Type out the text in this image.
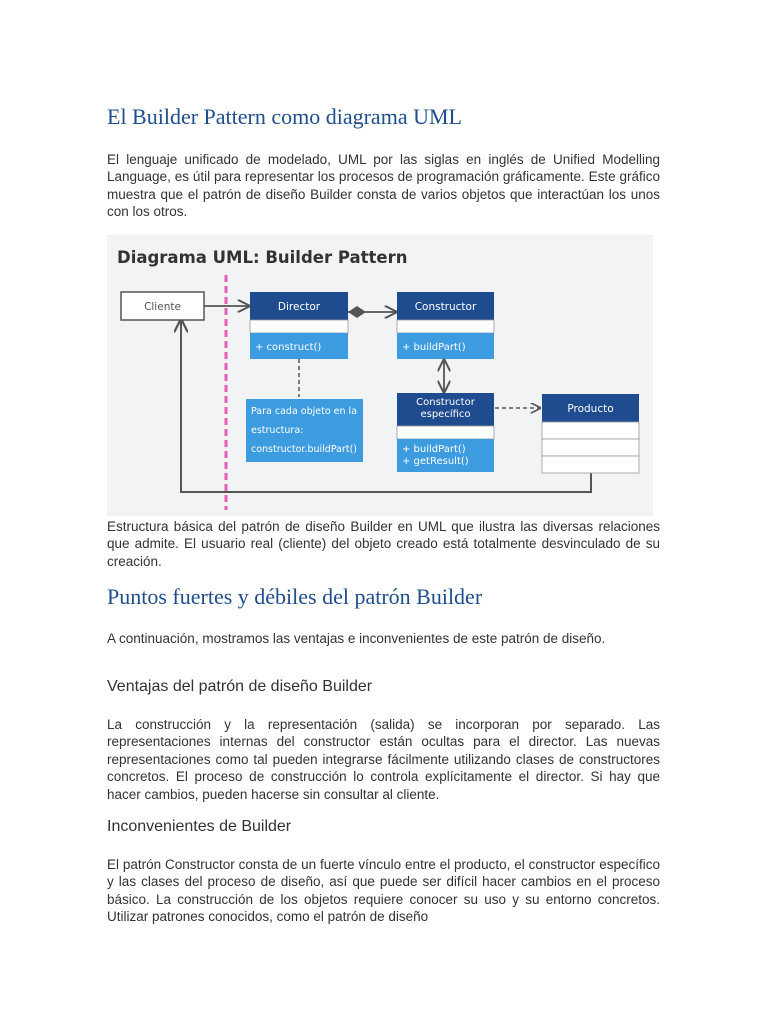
El Builder Pattern como diagrama UML

El lenguaje unificado de modelado, UML por las siglas en inglés de Unified Modelling Language, es útil para representar los procesos de programación gráficamente. Este gráfico muestra que el patrón de diseño Builder consta de varios objetos que interactúan los unos con los otros.

Cliente	Director
+ construct()
Constructor
+ buildPart()
Para cada objeto en la
estructura:
constructor.buildPart()
Constructor
específico
+ buildPart()
+ getResult()
Producto
Diagrama UML: Builder Pattern

Estructura básica del patrón de diseño Builder en UML que ilustra las diversas relaciones que admite. El usuario real (cliente) del objeto creado está totalmente desvinculado de su creación.

Puntos fuertes y débiles del patrón Builder

A continuación, mostramos las ventajas e inconvenientes de este patrón de diseño.

Ventajas del patrón de diseño Builder

La construcción y la representación (salida) se incorporan por separado. Las representaciones internas del constructor están ocultas para el director. Las nuevas representaciones como tal pueden integrarse fácilmente utilizando clases de constructores concretos. El proceso de construcción lo controla explícitamente el director. Si hay que hacer cambios, pueden hacerse sin consultar al cliente.

Inconvenientes de Builder

El patrón Constructor consta de un fuerte vínculo entre el producto, el constructor específico y las clases del proceso de diseño, así que puede ser difícil hacer cambios en el proceso básico. La construcción de los objetos requiere conocer su uso y su entorno concretos. Utilizar patrones conocidos, como el patrón de diseño
